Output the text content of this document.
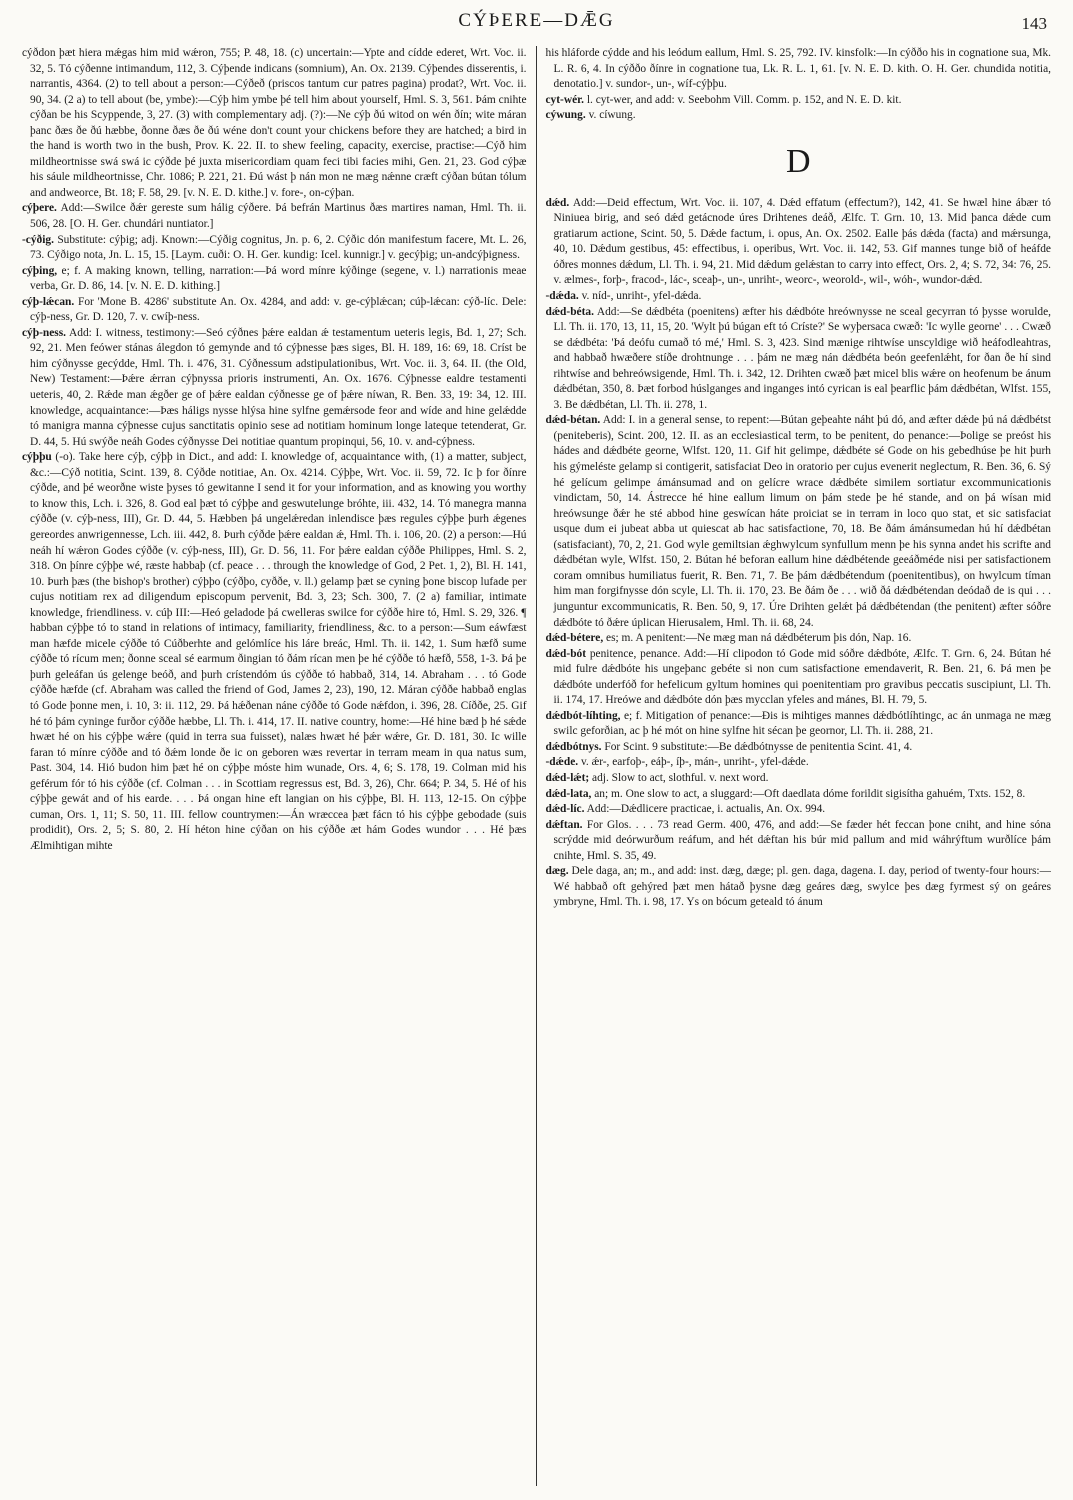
CÝÞERE—DǢG	143

cýðdon þæt hiera mǽgas him mid wǽron, 755; P. 48, 18. (c) uncertain:—Ypte and cídde ederet, Wrt. Voc. ii. 32, 5. Tó cýðenne intimandum, 112, 3. Cýþende indicans (somnium), An. Ox. 2139. Cýþendes disserentis, i. narrantis, 4364. (2) to tell about a person:—Cýðeð (priscos tantum cur patres pagina) prodat?, Wrt. Voc. ii. 90, 34. (2 a) to tell about (be, ymbe):—Cýþ him ymbe þé tell him about yourself, Hml. S. 3, 561. Þám cnihte cýðan be his Scyppende, 3, 27. (3) with complementary adj. (?):—Ne cýþ ðú witod on wén ðín; wite máran þanc ðæs ðe ðú hæbbe, ðonne ðæs ðe ðú wéne don't count your chickens before they are hatched; a bird in the hand is worth two in the bush, Prov. K. 22. II. to shew feeling, capacity, exercise, practise:—Cýð him mildheortnisse swá swá ic cýðde þé juxta misericordiam quam feci tibi facies mihi, Gen. 21, 23. God cýþæ his sáule mildheortnisse, Chr. 1086; P. 221, 21. Ðú wást þ nán mon ne mæg nǽnne cræft cýðan bútan tólum and andweorce, Bt. 18; F. 58, 29. [v. N. E. D. kithe.] v. fore-, on-cýþan.

cýþere. Add:—Swilce ðǽr gereste sum hálig cýðere. Þá befrán Martinus ðæs martires naman, Hml. Th. ii. 506, 28. [O. H. Ger. chundári nuntiator.]

-cýðig. Substitute: cýþig; adj. Known:—Cýðig cognitus, Jn. p. 6, 2. Cýðic dón manifestum facere, Mt. L. 26, 73. Cýðigo nota, Jn. L. 15, 15. [Laym. cuði: O. H. Ger. kundig: Icel. kunnigr.] v. gecýþig; un-andcýþigness.

cýþing, e; f. A making known, telling, narration:—Þá word mínre kýðinge (segene, v. l.) narrationis meae verba, Gr. D. 86, 14. [v. N. E. D. kithing.]

cýþ-lǽcan. For 'Mone B. 4286' substitute An. Ox. 4284, and add: v. ge-cýþlǽcan; cúþ-lǽcan: cýð-líc. Dele: cýþ-ness, Gr. D. 120, 7. v. cwíþ-ness.

cýþ-ness. Add: I. witness, testimony:—Seó cýðnes þǽre ealdan ǽ testamentum ueteris legis, Bd. 1, 27; Sch. 92, 21. Men feówer stánas álegdon tó gemynde and tó cýþnesse þæs siges, Bl. H. 189, 16: 69, 18. Críst be him cýðnysse gecýdde, Hml. Th. i. 476, 31. Cýðnessum adstipulationibus, Wrt. Voc. ii. 3, 64. II. (the Old, New) Testament:—Þǽre ǽrran cýþnyssa prioris instrumenti, An. Ox. 1676. Cýþnesse ealdre testamenti ueteris, 40, 2. Rǽde man ǽgðer ge of þǽre ealdan cýðnesse ge of þǽre níwan, R. Ben. 33, 19: 34, 12. III. knowledge, acquaintance:—Þæs háligs nysse hlýsa hine sylfne gemǽrsode feor and wíde and hine gelǽdde tó manigra manna cýþnesse cujus sanctitatis opinio sese ad notitiam hominum longe lateque tetenderat, Gr. D. 44, 5. Hú swýðe neáh Godes cýðnysse Dei notitiae quantum propinqui, 56, 10. v. and-cýþness.

cýþþu (-o). Take here cýþ, cýþþ in Dict., and add: I. knowledge of, acquaintance with, (1) a matter, subject, &c.:—Cýð notitia, Scint. 139, 8. Cýðde notitiae, An. Ox. 4214. Cýþþe, Wrt. Voc. ii. 59, 72. Ic þ for ðínre cýðde, and þé weorðne wiste þyses tó gewitanne I send it for your information, and as knowing you worthy to know this, Lch. i. 326, 8. God eal þæt tó cýþþe and geswutelunge bróhte, iii. 432, 14. Tó manegra manna cýððe (v. cýþ-ness, III), Gr. D. 44, 5. Hæbben þá ungelǽredan inlendisce þæs regules cýþþe þurh ǽgenes gereordes anwrigennesse, Lch. iii. 442, 8. Þurh cýðde þǽre ealdan ǽ, Hml. Th. i. 106, 20. (2) a person:—Hú neáh hí wǽron Godes cýððe (v. cýþ-ness, III), Gr. D. 56, 11. For þǽre ealdan cýððe Philippes, Hml. S. 2, 318. On þínre cýþþe wé, ræste habbaþ (cf. peace . . . through the knowledge of God, 2 Pet. 1, 2), Bl. H. 141, 10. Þurh þæs (the bishop's brother) cýþþo (cýðþo, cyððe, v. ll.) gelamp þæt se cyning þone biscop lufade per cujus notitiam rex ad diligendum episcopum pervenit, Bd. 3, 23; Sch. 300, 7. (2 a) familiar, intimate knowledge, friendliness. v. cúþ III:—Heó geladode þá cwelleras swilce for cýððe hire tó, Hml. S. 29, 326. ¶ habban cýþþe tó to stand in relations of intimacy, familiarity, friendliness, &c. to a person:—Sum eáwfæst man hæfde micele cýððe tó Cúðberhte and gelómlíce his láre breác, Hml. Th. ii. 142, 1. Sum hæfð sume cýððe tó rícum men; ðonne sceal sé earmum ðingian tó ðám rícan men þe hé cýððe tó hæfð, 558, 1-3. Þá þe þurh geleáfan ús gelenge beóð, and þurh crístendóm ús cýððe tó habbað, 314, 14. Abraham . . . tó Gode cýððe hæfde (cf. Abraham was called the friend of God, James 2, 23), 190, 12. Máran cýððe habbað englas tó Gode þonne men, i. 10, 3: ii. 112, 29. Þá hǽðenan náne cýððe tó Gode nǽfdon, i. 396, 28. Cíððe, 25. Gif hé tó þám cyninge furðor cýððe hæbbe, Ll. Th. i. 414, 17. II. native country, home:—Hé hine bæd þ hé sǽde hwæt hé on his cýþþe wǽre (quid in terra sua fuisset), nalæs hwæt hé þǽr wǽre, Gr. D. 181, 30. Ic wille faran tó mínre cýððe and tó ðǽm londe ðe ic on geboren wæs revertar in terram meam in qua natus sum, Past. 304, 14. Hió budon him þæt hé on cýþþe móste him wunade, Ors. 4, 6; S. 178, 19. Colman mid his geférum fór tó his cýððe (cf. Colman . . . in Scottiam regressus est, Bd. 3, 26), Chr. 664; P. 34, 5. Hé of his cýþþe gewát and of his earde. . . . Þá ongan hine eft langian on his cýþþe, Bl. H. 113, 12-15. On cýþþe cuman, Ors. 1, 11; S. 50, 11. III. fellow countrymen:—Án wræccea þæt fácn tó his cýþþe gebodade (suis prodidit), Ors. 2, 5; S. 80, 2. Hí héton hine cýðan on his cýððe æt hám Godes wundor . . . Hé þæs Ælmihtigan mihte

his hláforde cýdde and his leódum eallum, Hml. S. 25, 792. IV. kinsfolk:—In cýððo his in cognatione sua, Mk. L. R. 6, 4. In cýððo ðínre in cognatione tua, Lk. R. L. 1, 61. [v. N. E. D. kith. O. H. Ger. chundida notitia, denotatio.] v. sundor-, un-, wíf-cýþþu.

cyt-wér. l. cyt-wer, and add: v. Seebohm Vill. Comm. p. 152, and N. E. D. kit.

cýwung. v. cíwung.

D

dǽd. Add:—Deid effectum, Wrt. Voc. ii. 107, 4. Dǽd effatum (effectum?), 142, 41. Se hwæl hine ábær tó Niniuea birig, and seó dǽd getácnode úres Drihtenes deáð, Ælfc. T. Grn. 10, 13. Mid þanca dǽde cum gratiarum actione, Scint. 50, 5. Dǽde factum, i. opus, An. Ox. 2502. Ealle þás dǽda (facta) and mǽrsunga, 40, 10. Dǽdum gestibus, 45: effectibus, i. operibus, Wrt. Voc. ii. 142, 53. Gif mannes tunge bið of heáfde óðres monnes dǽdum, Ll. Th. i. 94, 21. Mid dǽdum gelǽstan to carry into effect, Ors. 2, 4; S. 72, 34: 76, 25. v. ælmes-, forþ-, fracod-, lác-, sceaþ-, un-, unriht-, weorc-, weorold-, wil-, wóh-, wundor-dǽd.

-dǽda. v. níd-, unriht-, yfel-dǽda.

dǽd-béta. Add:—Se dǽdbéta (poenitens) æfter his dǽdbóte hreównysse ne sceal gecyrran tó þysse worulde, Ll. Th. ii. 170, 13, 11, 15, 20. 'Wylt þú búgan eft tó Críste?' Se wyþersaca cwæð: 'Ic wylle georne' . . . Cwæð se dǽdbéta: 'Þá deófu cumað tó mé,' Hml. S. 3, 423. Sind mænige rihtwíse unscyldige wið heáfodleahtras, and habbað hwæðere stíðe drohtnunge . . . þám ne mæg nán dǽdbéta beón geefenlǽht, for ðan ðe hí sind rihtwíse and behreówsigende, Hml. Th. i. 342, 12. Drihten cwæð þæt micel blis wǽre on heofenum be ánum dǽdbétan, 350, 8. Þæt forbod húslganges and inganges intó cyrican is eal þearflic þám dǽdbétan, Wlfst. 155, 3. Be dǽdbétan, Ll. Th. ii. 278, 1.

dǽd-bétan. Add: I. in a general sense, to repent:—Bútan geþeahte náht þú dó, and æfter dǽde þú ná dǽdbétst (peniteberis), Scint. 200, 12. II. as an ecclesiastical term, to be penitent, do penance:—Þolige se preóst his hádes and dǽdbéte georne, Wlfst. 120, 11. Gif hit gelimpe, dǽdbéte sé Gode on his gebedhúse þe hit þurh his gýmeléste gelamp si contigerit, satisfaciat Deo in oratorio per cujus evenerit neglectum, R. Ben. 36, 6. Sý hé gelícum gelimpe ámánsumad and on gelícre wrace dǽdbéte similem sortiatur excommunicationis vindictam, 50, 14. Ástrecce hé hine eallum limum on þám stede þe hé stande, and on þá wísan mid hreówsunge ðǽr he sté abbod hine geswícan háte proiciat se in terram in loco quo stat, et sic satisfaciat usque dum ei jubeat abba ut quiescat ab hac satisfactione, 70, 18. Be ðám ámánsumedan hú hí dǽdbétan (satisfaciant), 70, 2, 21. God wyle gemiltsian ǽghwylcum synfullum menn þe his synna andet his scrifte and dǽdbétan wyle, Wlfst. 150, 2. Bútan hé beforan eallum hine dǽdbétende geeáðméde nisi per satisfactionem coram omnibus humiliatus fuerit, R. Ben. 71, 7. Be þám dǽdbétendum (poenitentibus), on hwylcum tíman him man forgifnysse dón scyle, Ll. Th. ii. 170, 23. Be ðám ðe . . . wið ðá dǽdbétendan deódað de is qui . . . junguntur excommunicatis, R. Ben. 50, 9, 17. Úre Drihten gelǽt þá dǽdbétendan (the penitent) æfter sóðre dǽdbóte tó ðǽre úplican Hierusalem, Hml. Th. ii. 68, 24.

dǽd-bétere, es; m. A penitent:—Ne mæg man ná dǽdbéterum þis dón, Nap. 16.

dǽd-bót penitence, penance. Add:—Hí clipodon tó Gode mid sóðre dǽdbóte, Ælfc. T. Grn. 6, 24. Bútan hé mid fulre dǽdbóte his ungeþanc gebéte si non cum satisfactione emendaverit, R. Ben. 21, 6. Þá men þe dǽdbóte underfóð for hefelicum gyltum homines qui poenitentiam pro gravibus peccatis suscipiunt, Ll. Th. ii. 174, 17. Hreówe and dǽdbóte dón þæs mycclan yfeles and mánes, Bl. H. 79, 5.

dǽdbót-líhting, e; f. Mitigation of penance:—Ðis is mihtiges mannes dǽdbótlíhtingc, ac án unmaga ne mæg swilc geforðian, ac þ hé mót on hine sylfne hit sécan þe geornor, Ll. Th. ii. 288, 21.

dǽdbótnys. For Scint. 9 substitute:—Be dǽdbótnysse de penitentia Scint. 41, 4.

-dǽde. v. ǽr-, earfoþ-, eáþ-, íþ-, mán-, unriht-, yfel-dǽde.

dǽd-lǽt; adj. Slow to act, slothful. v. next word.

dǽd-lata, an; m. One slow to act, a sluggard:—Oft daedlata dóme forildit sigisíthа gahuém, Txts. 152, 8.

dǽd-líc. Add:—Dǽdlicere practicae, i. actualis, An. Ox. 994.

dǽftan. For Glos. . . . 73 read Germ. 400, 476, and add:—Se fæder hét feccan þone cniht, and hine sóna scrýdde mid deórwurðum reáfum, and hét dǽftan his búr mid pallum and mid wáhrýftum wurðlíce þám cnihte, Hml. S. 35, 49.

dæg. Dele daga, an; m., and add: inst. dæg, dæge; pl. gen. daga, dagena. I. day, period of twenty-four hours:—Wé habbað oft gehýred þæt men hátað þysne dæg geáres dæg, swylce þes dæg fyrmest sý on geáres ymbryne, Hml. Th. i. 98, 17. Ys on bócum geteald tó ánum
